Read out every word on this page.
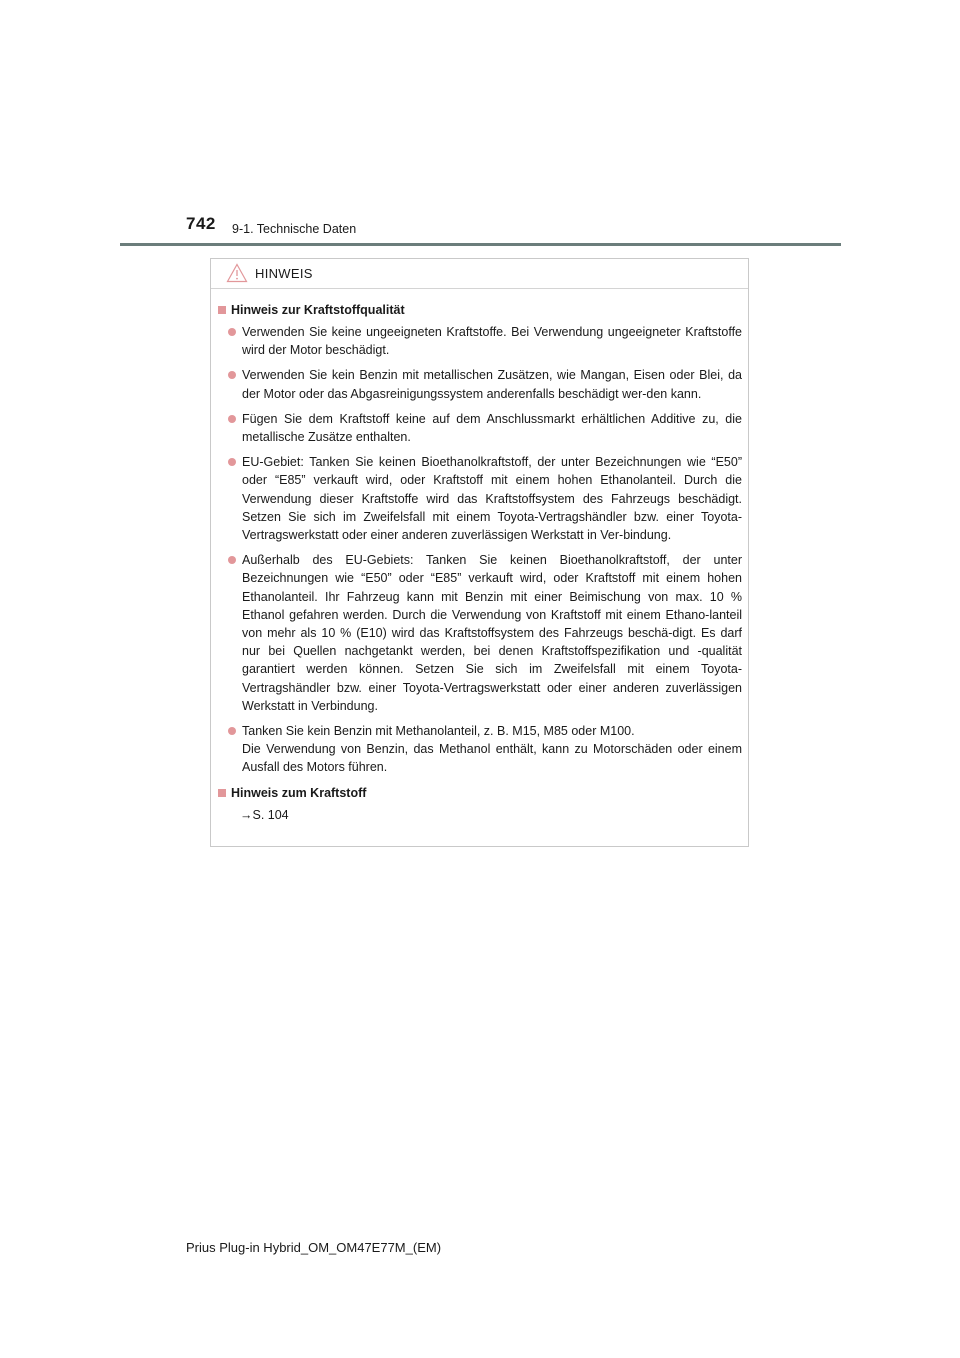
742 9-1. Technische Daten
HINWEIS
Hinweis zur Kraftstoffqualität

Verwenden Sie keine ungeeigneten Kraftstoffe. Bei Verwendung ungeeigneter Kraftstoffe wird der Motor beschädigt.

Verwenden Sie kein Benzin mit metallischen Zusätzen, wie Mangan, Eisen oder Blei, da der Motor oder das Abgasreinigungssystem anderenfalls beschädigt wer-den kann.

Fügen Sie dem Kraftstoff keine auf dem Anschlussmarkt erhältlichen Additive zu, die metallische Zusätze enthalten.

EU-Gebiet: Tanken Sie keinen Bioethanolkraftstoff, der unter Bezeichnungen wie “E50” oder “E85” verkauft wird, oder Kraftstoff mit einem hohen Ethanolanteil. Durch die Verwendung dieser Kraftstoffe wird das Kraftstoffsystem des Fahrzeugs beschädigt. Setzen Sie sich im Zweifelsfall mit einem Toyota-Vertragshändler bzw. einer Toyota-Vertragswerkstatt oder einer anderen zuverlässigen Werkstatt in Ver-bindung.

Außerhalb des EU-Gebiets: Tanken Sie keinen Bioethanolkraftstoff, der unter Bezeichnungen wie “E50” oder “E85” verkauft wird, oder Kraftstoff mit einem hohen Ethanolanteil. Ihr Fahrzeug kann mit Benzin mit einer Beimischung von max. 10 % Ethanol gefahren werden. Durch die Verwendung von Kraftstoff mit einem Ethano-lanteil von mehr als 10 % (E10) wird das Kraftstoffsystem des Fahrzeugs beschä-digt. Es darf nur bei Quellen nachgetankt werden, bei denen Kraftstoffspezifikation und -qualität garantiert werden können. Setzen Sie sich im Zweifelsfall mit einem Toyota-Vertragshändler bzw. einer Toyota-Vertragswerkstatt oder einer anderen zuverlässigen Werkstatt in Verbindung.

Tanken Sie kein Benzin mit Methanolanteil, z. B. M15, M85 oder M100.

Die Verwendung von Benzin, das Methanol enthält, kann zu Motorschäden oder einem Ausfall des Motors führen.

Hinweis zum Kraftstoff

→S. 104

Prius Plug-in Hybrid_OM_OM47E77M_(EM)
